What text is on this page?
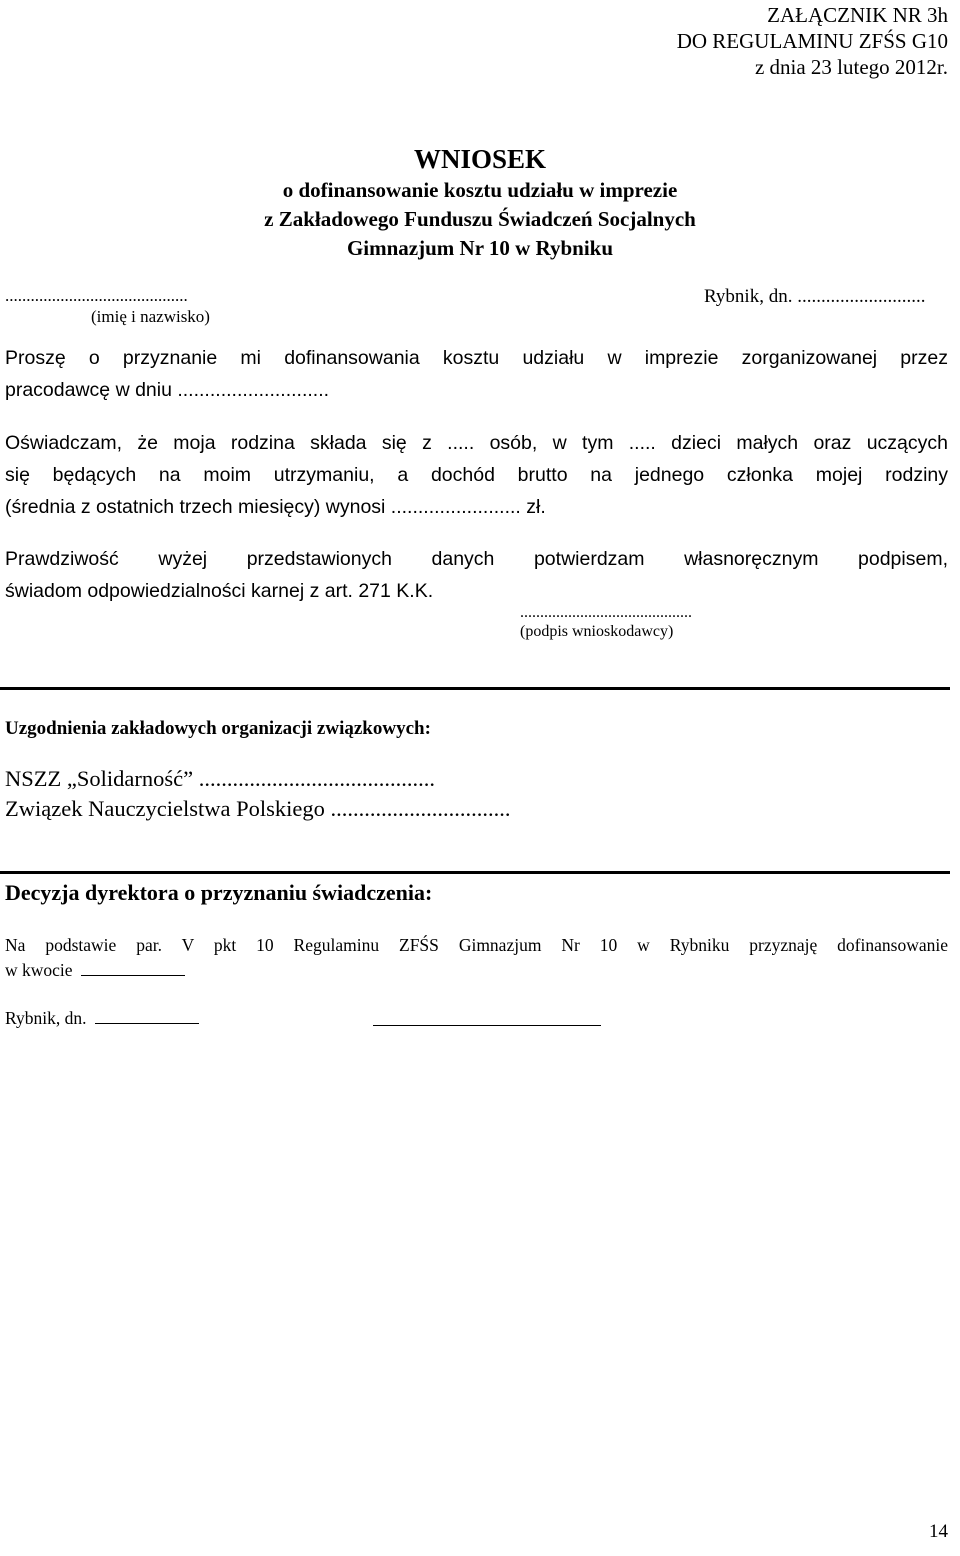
ZAŁĄCZNIK NR 3h
DO REGULAMINU ZFŚS G10
z dnia 23 lutego 2012r.
WNIOSEK
o dofinansowanie kosztu udziału w imprezie
z Zakładowego Funduszu Świadczeń Socjalnych
Gimnazjum Nr 10 w Rybniku
...........................................
(imię i nazwisko)
Rybnik, dn. ...........................
Proszę o przyznanie mi dofinansowania kosztu udziału w imprezie zorganizowanej przez
pracodawcę w dniu ............................
Oświadczam, że moja rodzina składa się z ..... osób, w tym ..... dzieci małych oraz uczących
się będących na moim utrzymaniu, a dochód brutto na jednego członka mojej rodziny
(średnia z ostatnich trzech miesięcy) wynosi ........................ zł.
Prawdziwość wyżej przedstawionych danych potwierdzam własnoręcznym podpisem,
świadom odpowiedzialności karnej z art. 271 K.K.
...........................................
(podpis wnioskodawcy)
Uzgodnienia zakładowych organizacji związkowych:
NSZZ „Solidarność” ..........................................
Związek Nauczycielstwa Polskiego ................................
Decyzja dyrektora o przyznaniu świadczenia:
Na podstawie par. V pkt 10 Regulaminu ZFŚS Gimnazjum Nr 10 w Rybniku przyznaję dofinansowanie
w kwocie
Rybnik, dn.
14
